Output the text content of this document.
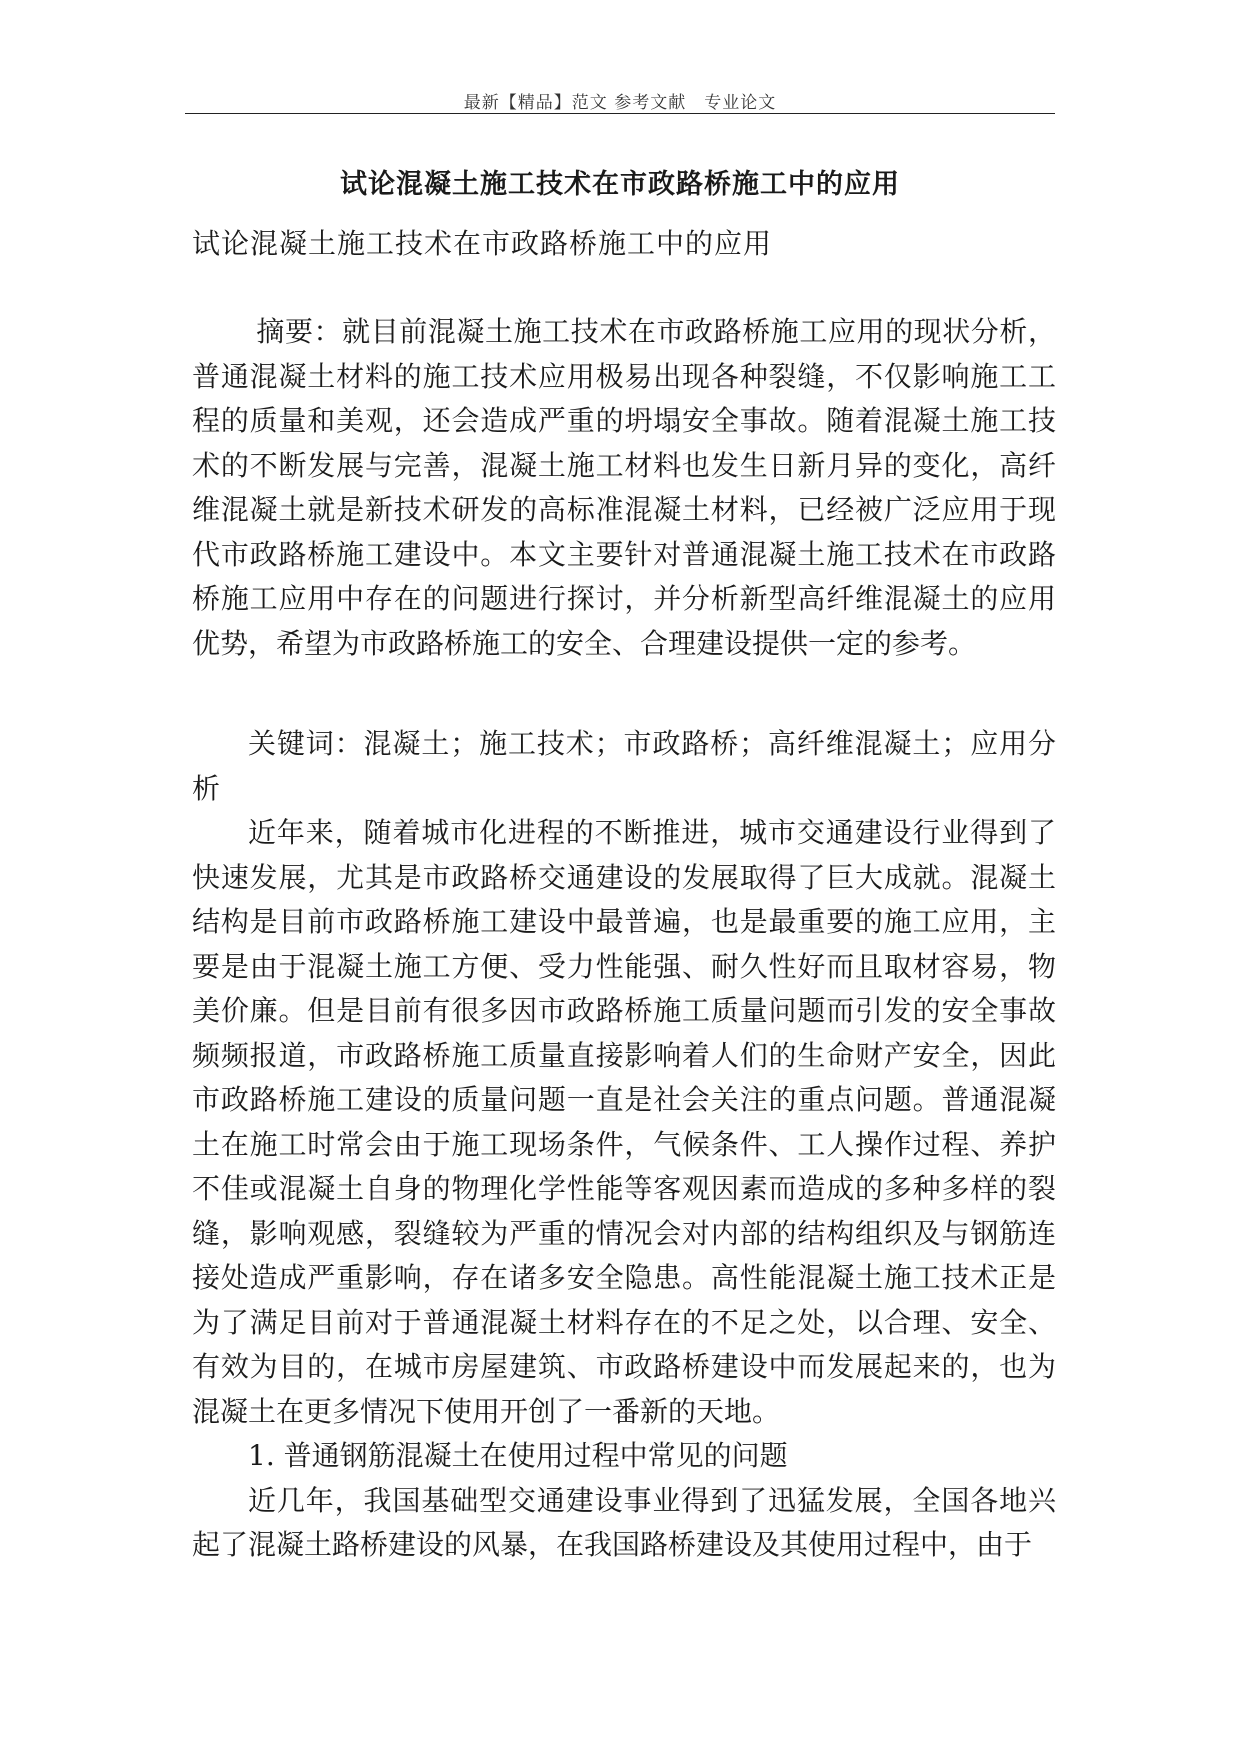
最新【精品】范文 参考文献　专业论文
试论混凝土施工技术在市政路桥施工中的应用
试论混凝土施工技术在市政路桥施工中的应用

摘要：就目前混凝土施工技术在市政路桥施工应用的现状分析，普通混凝土材料的施工技术应用极易出现各种裂缝，不仅影响施工工程的质量和美观，还会造成严重的坍塌安全事故。随着混凝土施工技术的不断发展与完善，混凝土施工材料也发生日新月异的变化，高纤维混凝土就是新技术研发的高标准混凝土材料，已经被广泛应用于现代市政路桥施工建设中。本文主要针对普通混凝土施工技术在市政路桥施工应用中存在的问题进行探讨，并分析新型高纤维混凝土的应用优势，希望为市政路桥施工的安全、合理建设提供一定的参考。

关键词：混凝土；施工技术；市政路桥；高纤维混凝土；应用分析

近年来，随着城市化进程的不断推进，城市交通建设行业得到了快速发展，尤其是市政路桥交通建设的发展取得了巨大成就。混凝土结构是目前市政路桥施工建设中最普遍，也是最重要的施工应用，主要是由于混凝土施工方便、受力性能强、耐久性好而且取材容易，物美价廉。但是目前有很多因市政路桥施工质量问题而引发的安全事故频频报道，市政路桥施工质量直接影响着人们的生命财产安全，因此市政路桥施工建设的质量问题一直是社会关注的重点问题。普通混凝土在施工时常会由于施工现场条件，气候条件、工人操作过程、养护不佳或混凝土自身的物理化学性能等客观因素而造成的多种多样的裂缝，影响观感，裂缝较为严重的情况会对内部的结构组织及与钢筋连接处造成严重影响，存在诸多安全隐患。高性能混凝土施工技术正是为了满足目前对于普通混凝土材料存在的不足之处，以合理、安全、有效为目的，在城市房屋建筑、市政路桥建设中而发展起来的，也为混凝土在更多情况下使用开创了一番新的天地。

1. 普通钢筋混凝土在使用过程中常见的问题

近几年，我国基础型交通建设事业得到了迅猛发展，全国各地兴起了混凝土路桥建设的风暴，在我国路桥建设及其使用过程中，由于
